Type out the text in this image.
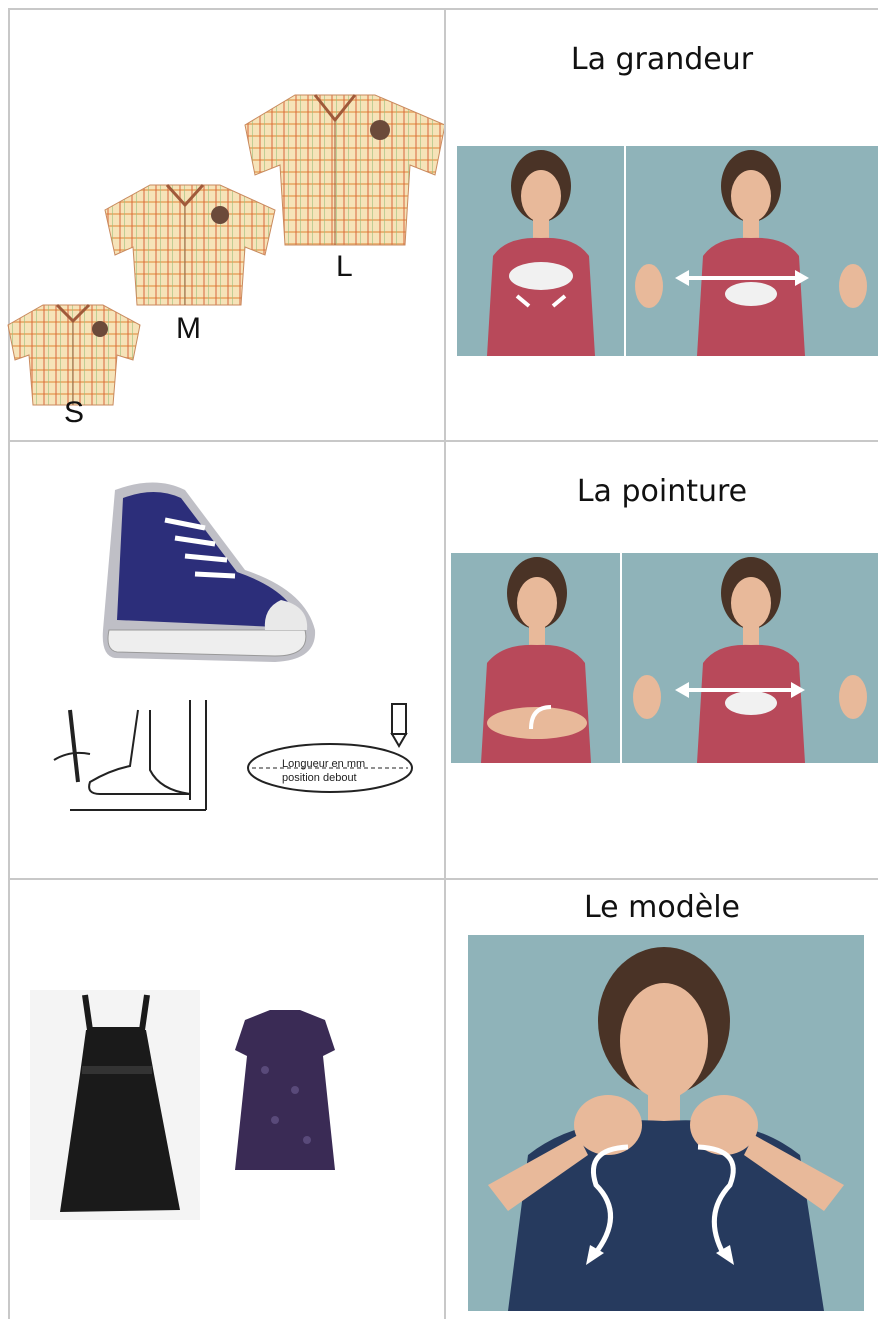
S
M
L
La grandeur
Longueur en mm
position debout
La pointure
Le modèle
